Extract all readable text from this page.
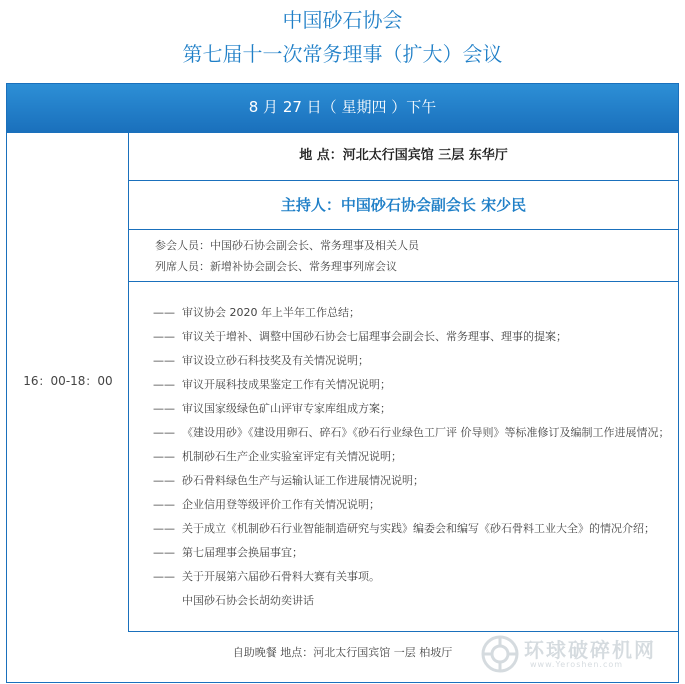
中国砂石协会
第七届十一次常务理事（扩大）会议
8 月 27 日（ 星期四 ）下午
16：00-18：00
地 点：河北太行国宾馆 三层 东华厅
主持人：中国砂石协会副会长 宋少民
参会人员：中国砂石协会副会长、常务理事及相关人员
列席人员：新增补协会副会长、常务理事列席会议
—— 审议协会 2020 年上半年工作总结；
—— 审议关于增补、调整中国砂石协会七届理事会副会长、常务理事、理事的提案；
—— 审议设立砂石科技奖及有关情况说明；
—— 审议开展科技成果鉴定工作有关情况说明；
—— 审议国家级绿色矿山评审专家库组成方案；
—— 《建设用砂》《建设用卵石、碎石》《砂石行业绿色工厂评 价导则》等标准修订及编制工作进展情况；
—— 机制砂石生产企业实验室评定有关情况说明；
—— 砂石骨料绿色生产与运输认证工作进展情况说明；
—— 企业信用登等级评价工作有关情况说明；
—— 关于成立《机制砂石行业智能制造研究与实践》编委会和编写《砂石骨料工业大全》的情况介绍；
—— 第七届理事会换届事宜；
—— 关于开展第六届砂石骨料大赛有关事项。
中国砂石协会长胡幼奕讲话
自助晚餐 地点：河北太行国宾馆 一层 柏坡厅	环球破碎机网
www.Yeroshen.com
